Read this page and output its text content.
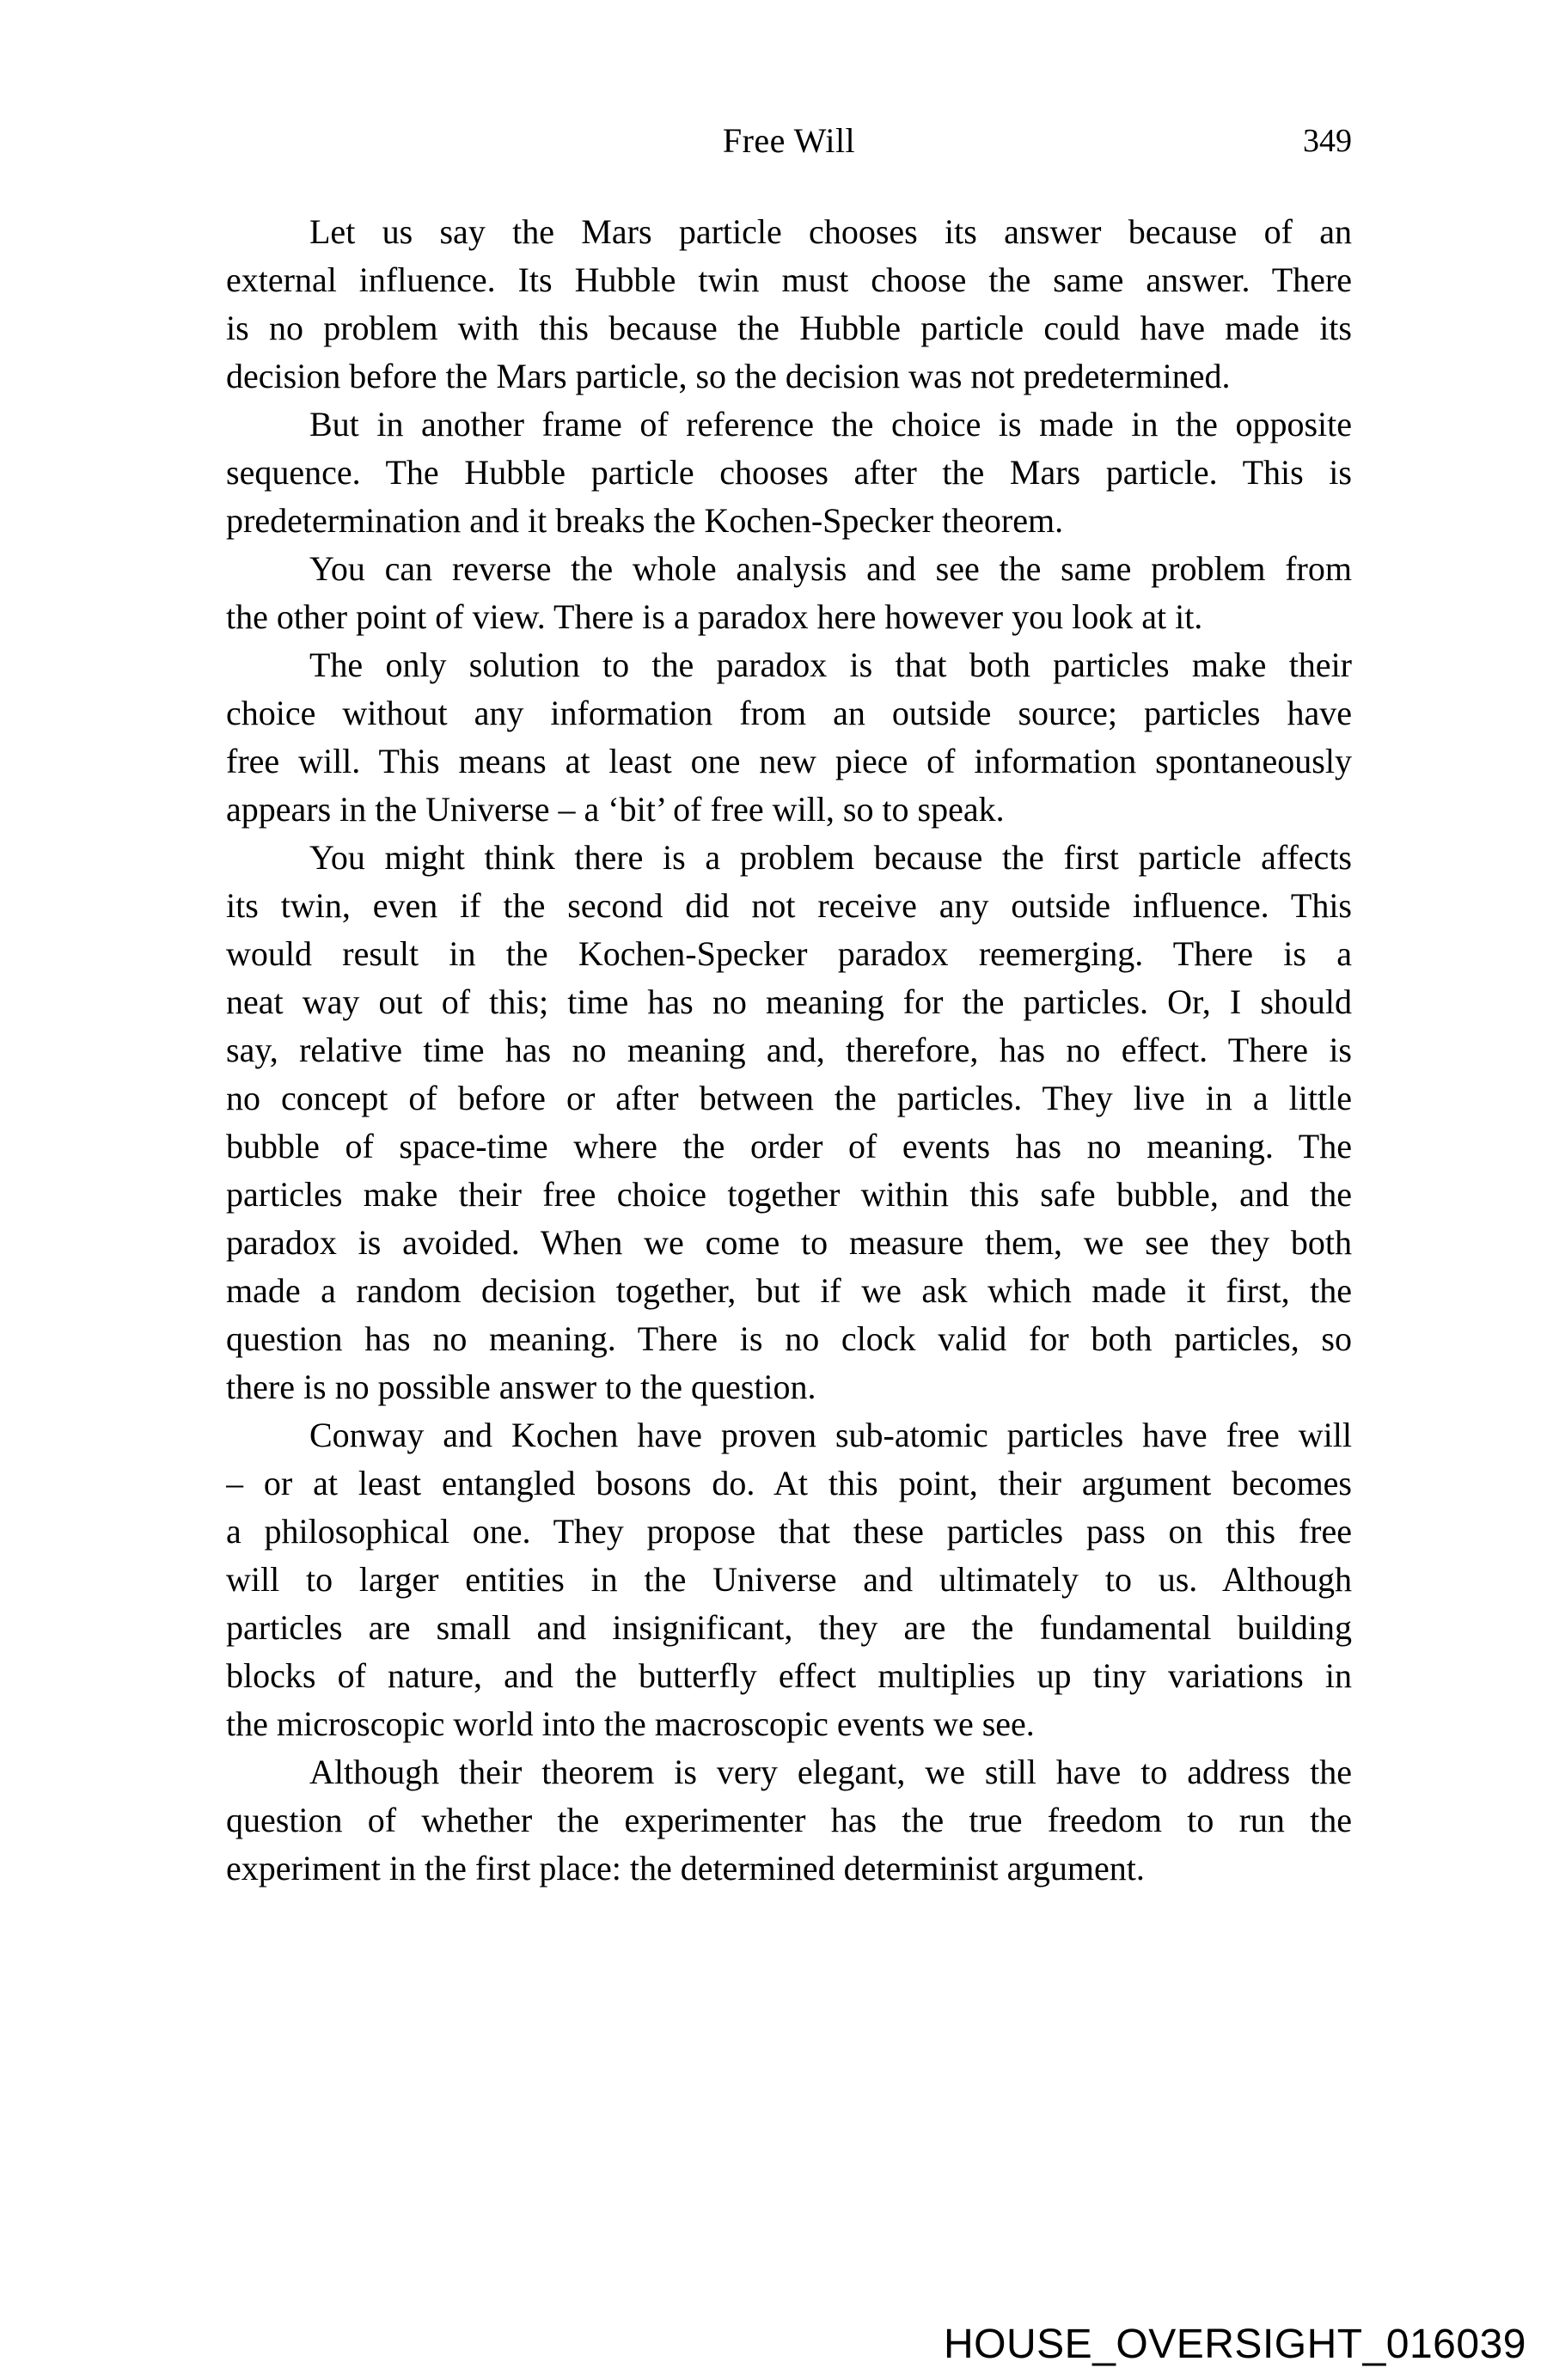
Free Will	349
Let us say the Mars particle chooses its answer because of an
external influence. Its Hubble twin must choose the same answer. There
is no problem with this because the Hubble particle could have made its
decision before the Mars particle, so the decision was not predetermined.
But in another frame of reference the choice is made in the opposite
sequence. The Hubble particle chooses after the Mars particle. This is
predetermination and it breaks the Kochen-Specker theorem.
You can reverse the whole analysis and see the same problem from
the other point of view. There is a paradox here however you look at it.
The only solution to the paradox is that both particles make their
choice without any information from an outside source; particles have
free will. This means at least one new piece of information spontaneously
appears in the Universe – a ‘bit’ of free will, so to speak.
You might think there is a problem because the first particle affects
its twin, even if the second did not receive any outside influence. This
would result in the Kochen-Specker paradox reemerging. There is a
neat way out of this; time has no meaning for the particles. Or, I should
say, relative time has no meaning and, therefore, has no effect. There is
no concept of before or after between the particles. They live in a little
bubble of space-time where the order of events has no meaning. The
particles make their free choice together within this safe bubble, and the
paradox is avoided. When we come to measure them, we see they both
made a random decision together, but if we ask which made it first, the
question has no meaning. There is no clock valid for both particles, so
there is no possible answer to the question.
Conway and Kochen have proven sub-atomic particles have free will
– or at least entangled bosons do. At this point, their argument becomes
a philosophical one. They propose that these particles pass on this free
will to larger entities in the Universe and ultimately to us. Although
particles are small and insignificant, they are the fundamental building
blocks of nature, and the butterfly effect multiplies up tiny variations in
the microscopic world into the macroscopic events we see.
Although their theorem is very elegant, we still have to address the
question of whether the experimenter has the true freedom to run the
experiment in the first place: the determined determinist argument.
HOUSE_OVERSIGHT_016039
